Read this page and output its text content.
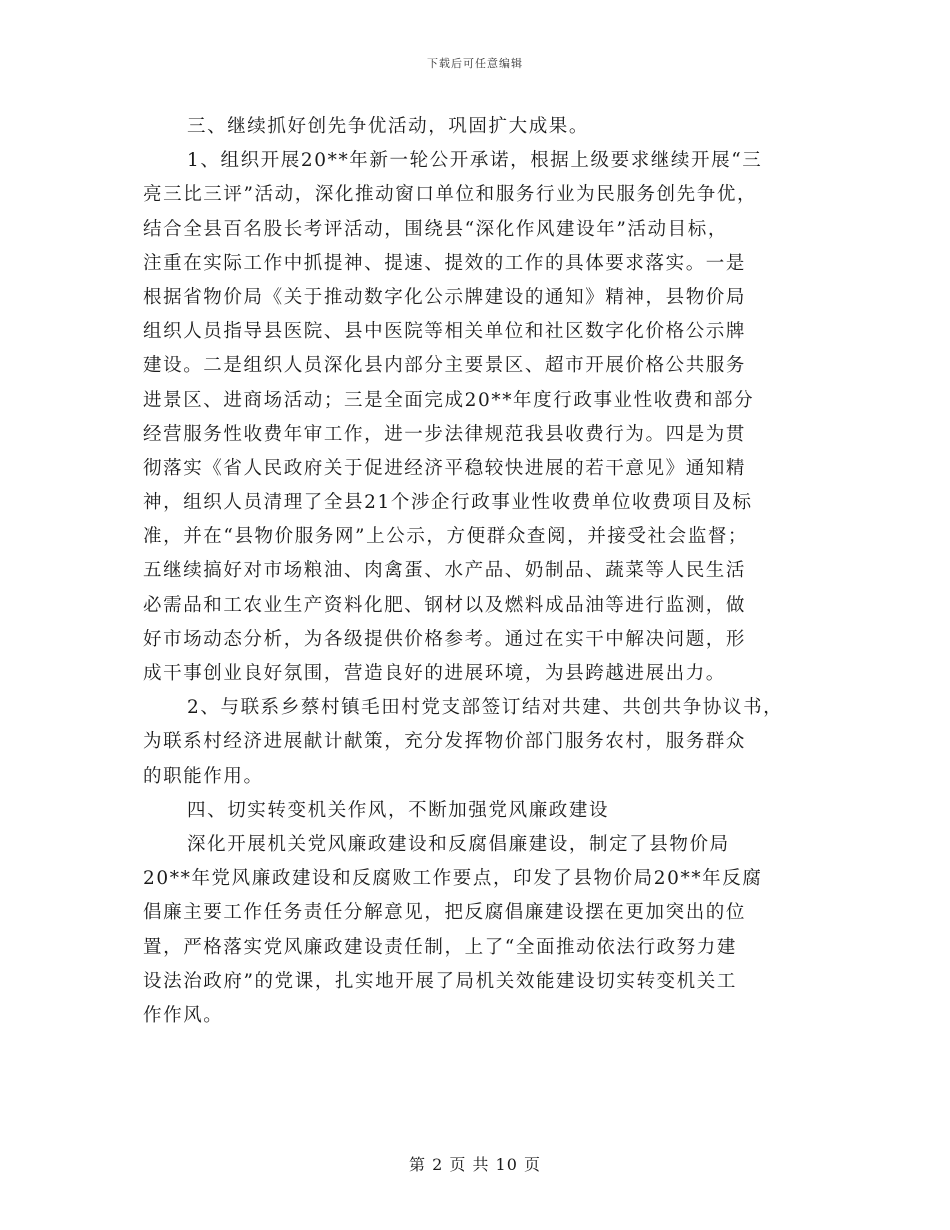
下载后可任意编辑
三、继续抓好创先争优活动，巩固扩大成果。
1、组织开展20**年新一轮公开承诺，根据上级要求继续开展“三
亮三比三评”活动，深化推动窗口单位和服务行业为民服务创先争优，
结合全县百名股长考评活动，围绕县“深化作风建设年”活动目标，
注重在实际工作中抓提神、提速、提效的工作的具体要求落实。一是
根据省物价局《关于推动数字化公示牌建设的通知》精神，县物价局
组织人员指导县医院、县中医院等相关单位和社区数字化价格公示牌
建设。二是组织人员深化县内部分主要景区、超市开展价格公共服务
进景区、进商场活动；三是全面完成20**年度行政事业性收费和部分
经营服务性收费年审工作，进一步法律规范我县收费行为。四是为贯
彻落实《省人民政府关于促进经济平稳较快进展的若干意见》通知精
神，组织人员清理了全县21个涉企行政事业性收费单位收费项目及标
准，并在“县物价服务网”上公示，方便群众查阅，并接受社会监督；
五继续搞好对市场粮油、肉禽蛋、水产品、奶制品、蔬菜等人民生活
必需品和工农业生产资料化肥、钢材以及燃料成品油等进行监测，做
好市场动态分析，为各级提供价格参考。通过在实干中解决问题，形
成干事创业良好氛围，营造良好的进展环境，为县跨越进展出力。
2、与联系乡蔡村镇毛田村党支部签订结对共建、共创共争协议书，
为联系村经济进展献计献策，充分发挥物价部门服务农村，服务群众
的职能作用。
四、切实转变机关作风，不断加强党风廉政建设
深化开展机关党风廉政建设和反腐倡廉建设，制定了县物价局
20**年党风廉政建设和反腐败工作要点，印发了县物价局20**年反腐
倡廉主要工作任务责任分解意见，把反腐倡廉建设摆在更加突出的位
置，严格落实党风廉政建设责任制，上了“全面推动依法行政努力建
设法治政府”的党课，扎实地开展了局机关效能建设切实转变机关工
作作风。
第 2 页 共 10 页
